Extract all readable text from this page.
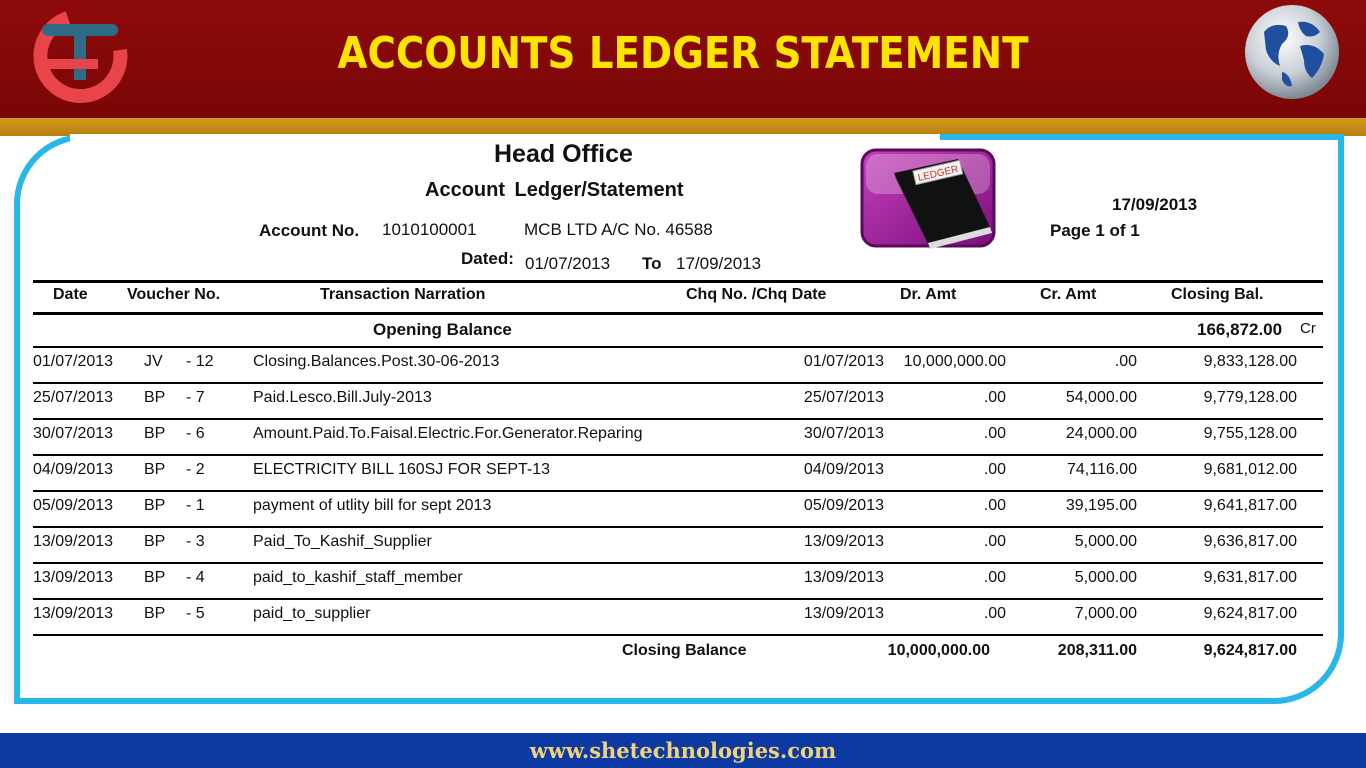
ACCOUNTS LEDGER STATEMENT
Head Office
Account Ledger/Statement
Account No. 1010100001	MCB LTD A/C No. 46588
Dated: 01/07/2013 To 17/09/2013
17/09/2013
Page 1 of 1
LEDGER
Date Voucher No.	Transaction Narration	Chq No. /Chq Date	Dr. Amt	Cr. Amt	Closing Bal.
Opening Balance	166,872.00 Cr
01/07/2013 JV - 12 Closing.Balances.Post.30-06-2013	01/07/2013	10,000,000.00	.00	9,833,128.00
25/07/2013 BP - 7	Paid.Lesco.Bill.July-2013	25/07/2013	.00	54,000.00	9,779,128.00
30/07/2013 BP - 6	Amount.Paid.To.Faisal.Electric.For.Generator.Reparing	30/07/2013	.00	24,000.00	9,755,128.00
04/09/2013 BP - 2	ELECTRICITY BILL 160SJ FOR SEPT-13	04/09/2013	.00	74,116.00	9,681,012.00
05/09/2013 BP - 1	payment of utlity bill for sept 2013	05/09/2013	.00	39,195.00	9,641,817.00
13/09/2013 BP - 3	Paid_To_Kashif_Supplier	13/09/2013	.00	5,000.00	9,636,817.00
13/09/2013 BP - 4	paid_to_kashif_staff_member	13/09/2013	.00	5,000.00	9,631,817.00
13/09/2013 BP - 5	paid_to_supplier	13/09/2013	.00	7,000.00	9,624,817.00
Closing Balance	10,000,000.00	208,311.00	9,624,817.00
www.shetechnologies.com
